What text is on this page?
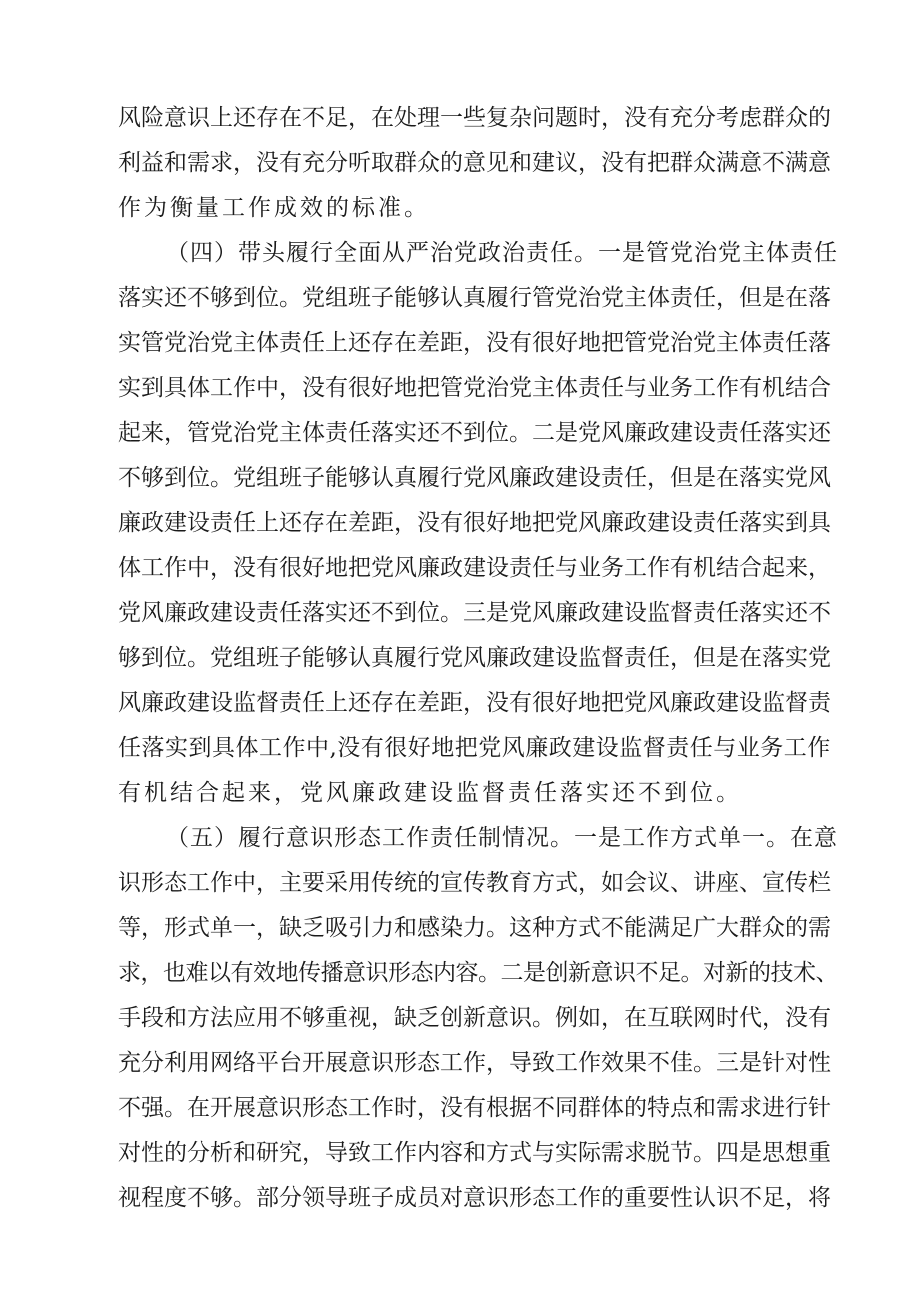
风险意识上还存在不足，在处理一些复杂问题时，没有充分考虑群众的
利益和需求，没有充分听取群众的意见和建议，没有把群众满意不满意
作为衡量工作成效的标准。
（四）带头履行全面从严治党政治责任。一是管党治党主体责任
落实还不够到位。党组班子能够认真履行管党治党主体责任，但是在落
实管党治党主体责任上还存在差距，没有很好地把管党治党主体责任落
实到具体工作中，没有很好地把管党治党主体责任与业务工作有机结合
起来，管党治党主体责任落实还不到位。二是党风廉政建设责任落实还
不够到位。党组班子能够认真履行党风廉政建设责任，但是在落实党风
廉政建设责任上还存在差距，没有很好地把党风廉政建设责任落实到具
体工作中，没有很好地把党风廉政建设责任与业务工作有机结合起来，
党风廉政建设责任落实还不到位。三是党风廉政建设监督责任落实还不
够到位。党组班子能够认真履行党风廉政建设监督责任，但是在落实党
风廉政建设监督责任上还存在差距，没有很好地把党风廉政建设监督责
任落实到具体工作中,没有很好地把党风廉政建设监督责任与业务工作
有机结合起来，党风廉政建设监督责任落实还不到位。
（五）履行意识形态工作责任制情况。一是工作方式单一。在意
识形态工作中，主要采用传统的宣传教育方式，如会议、讲座、宣传栏
等，形式单一，缺乏吸引力和感染力。这种方式不能满足广大群众的需
求，也难以有效地传播意识形态内容。二是创新意识不足。对新的技术、
手段和方法应用不够重视，缺乏创新意识。例如，在互联网时代，没有
充分利用网络平台开展意识形态工作，导致工作效果不佳。三是针对性
不强。在开展意识形态工作时，没有根据不同群体的特点和需求进行针
对性的分析和研究，导致工作内容和方式与实际需求脱节。四是思想重
视程度不够。部分领导班子成员对意识形态工作的重要性认识不足，将
